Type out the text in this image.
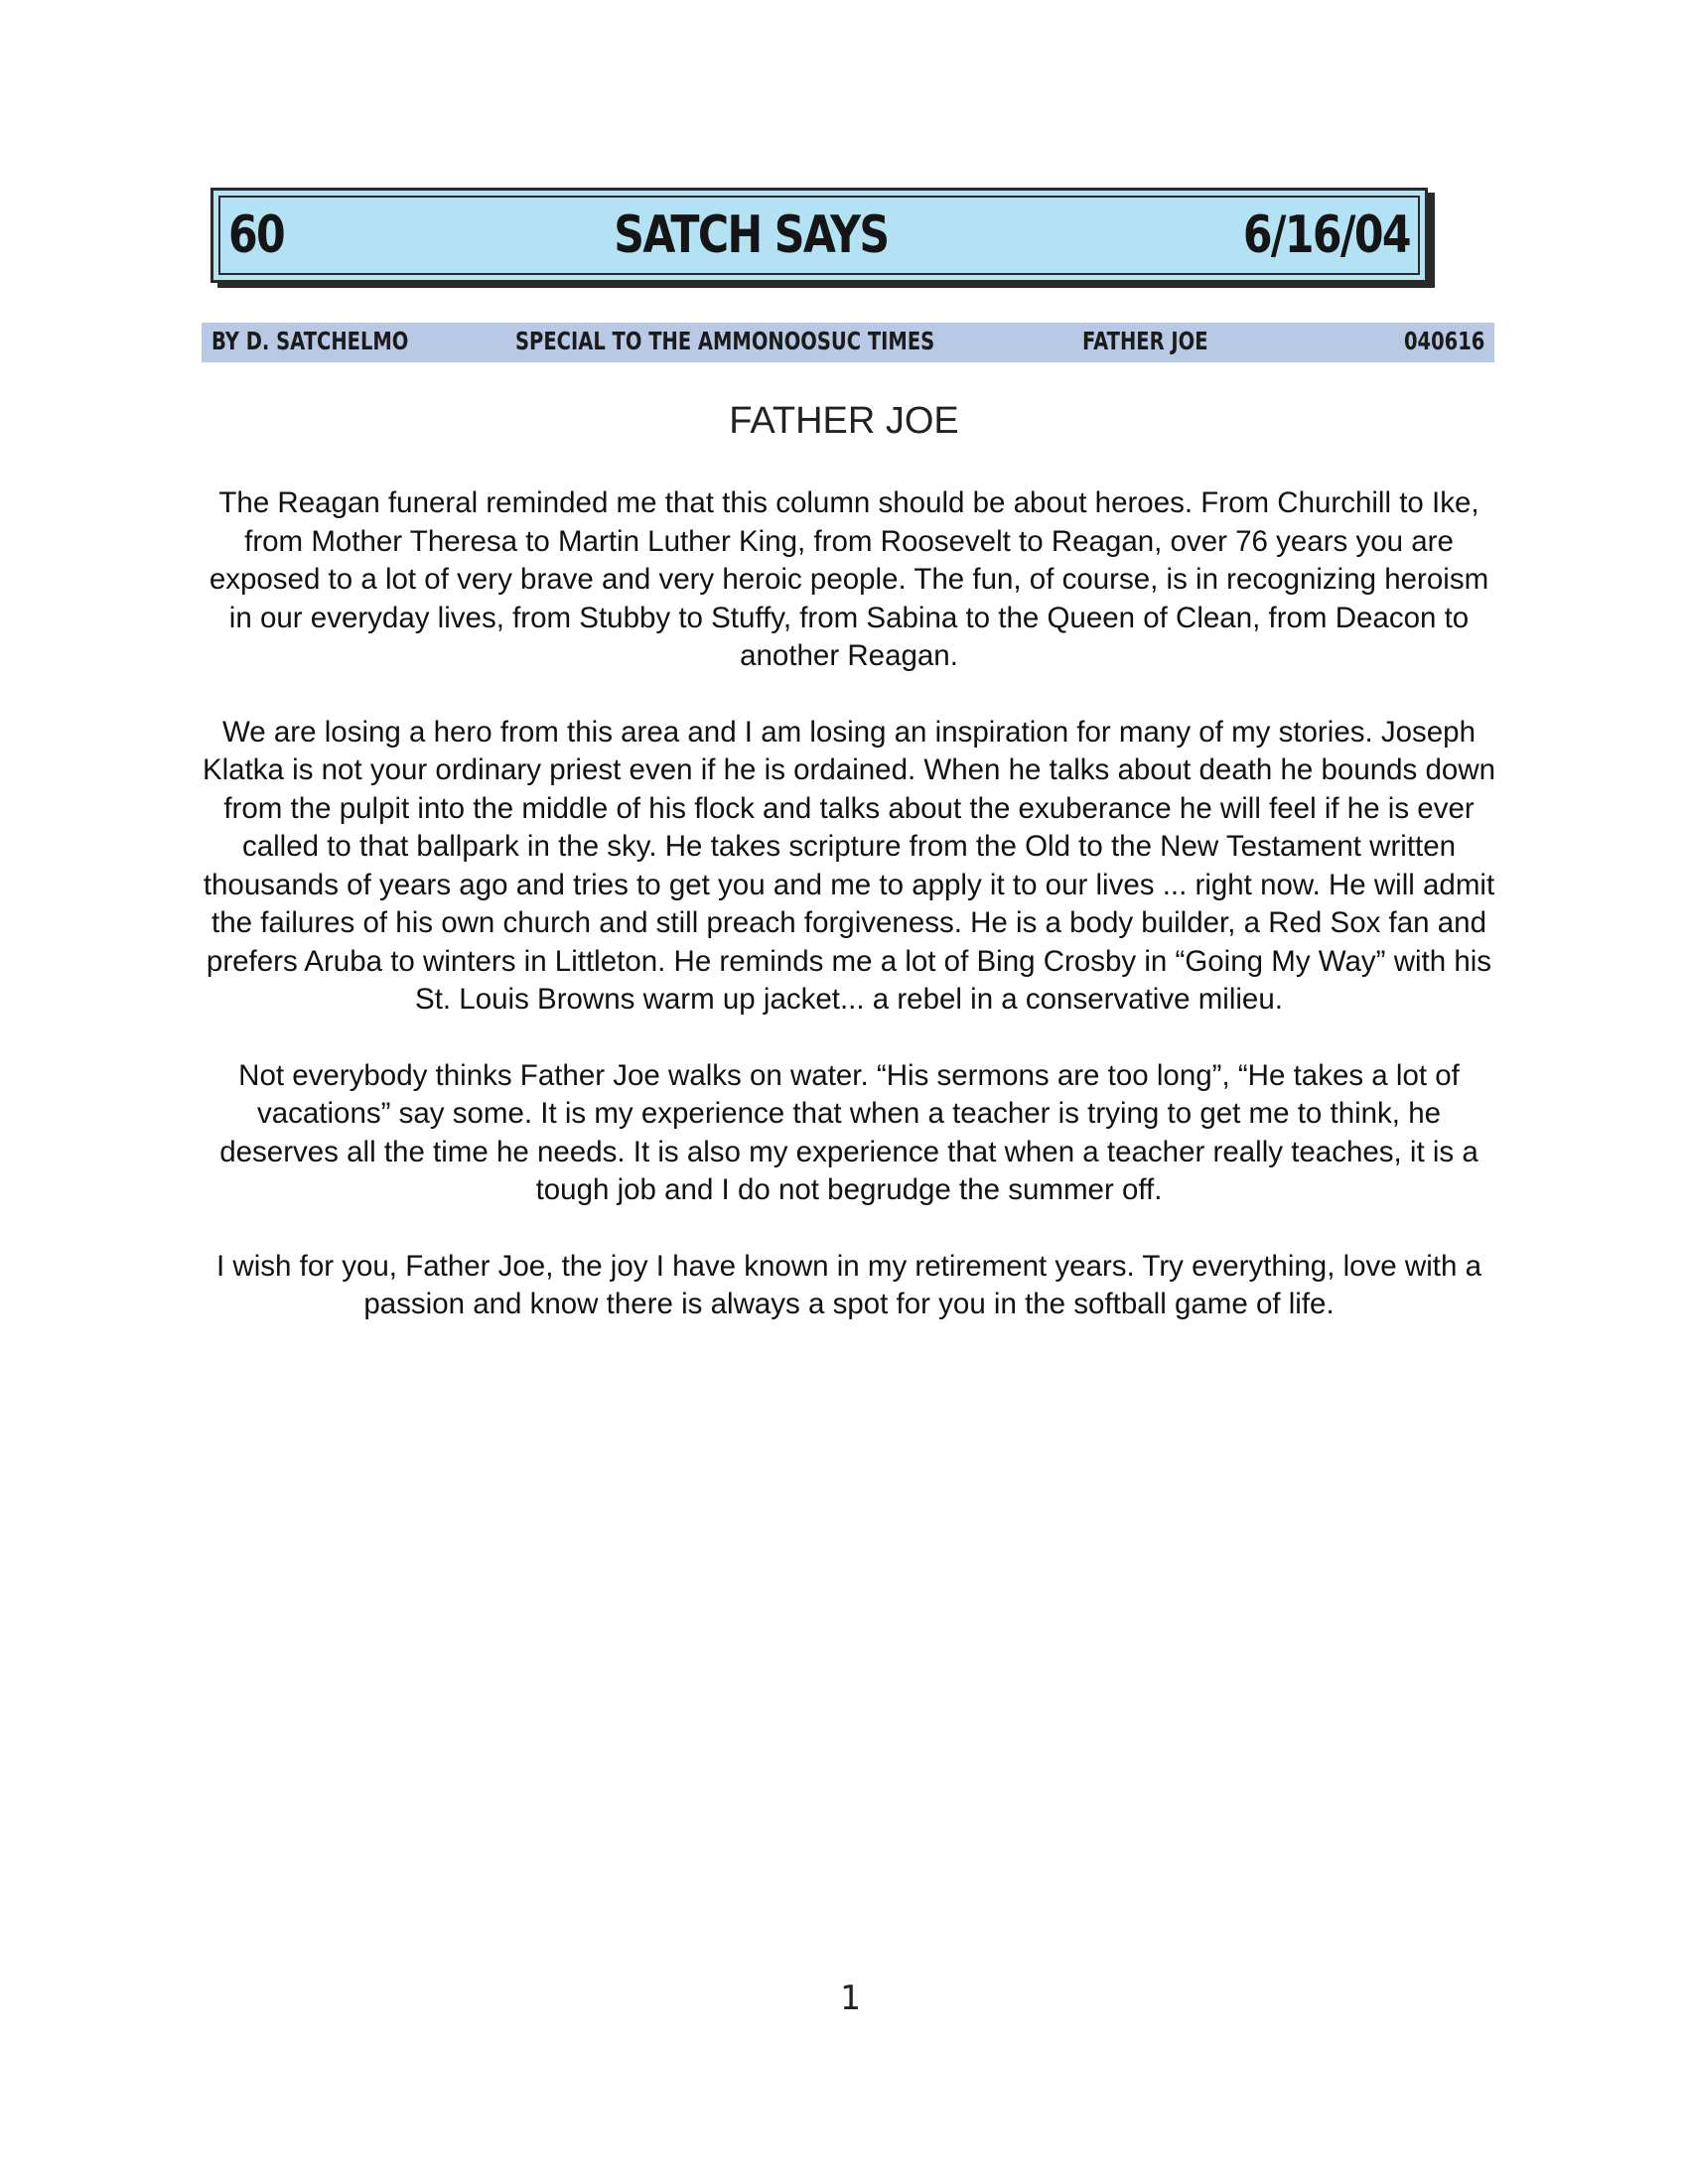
60	SATCH SAYS	6/16/04
BY D. SATCHELMO	SPECIAL TO THE AMMONOOSUC TIMES	FATHER JOE	040616
FATHER JOE

The Reagan funeral reminded me that this column should be about heroes. From Churchill to Ike, from Mother Theresa to Martin Luther King, from Roosevelt to Reagan, over 76 years you are exposed to a lot of very brave and very heroic people. The fun, of course, is in recognizing heroism in our everyday lives, from Stubby to Stuffy, from Sabina to the Queen of Clean, from Deacon to another Reagan.

We are losing a hero from this area and I am losing an inspiration for many of my stories. Joseph Klatka is not your ordinary priest even if he is ordained. When he talks about death he bounds down from the pulpit into the middle of his flock and talks about the exuberance he will feel if he is ever called to that ballpark in the sky. He takes scripture from the Old to the New Testament written thousands of years ago and tries to get you and me to apply it to our lives ... right now. He will admit the failures of his own church and still preach forgiveness. He is a body builder, a Red Sox fan and prefers Aruba to winters in Littleton. He reminds me a lot of Bing Crosby in “Going My Way” with his St. Louis Browns warm up jacket... a rebel in a conservative milieu.

Not everybody thinks Father Joe walks on water. “His sermons are too long”, “He takes a lot of vacations” say some. It is my experience that when a teacher is trying to get me to think, he deserves all the time he needs. It is also my experience that when a teacher really teaches, it is a tough job and I do not begrudge the summer off.

I wish for you, Father Joe, the joy I have known in my retirement years. Try everything, love with a passion and know there is always a spot for you in the softball game of life.

1
